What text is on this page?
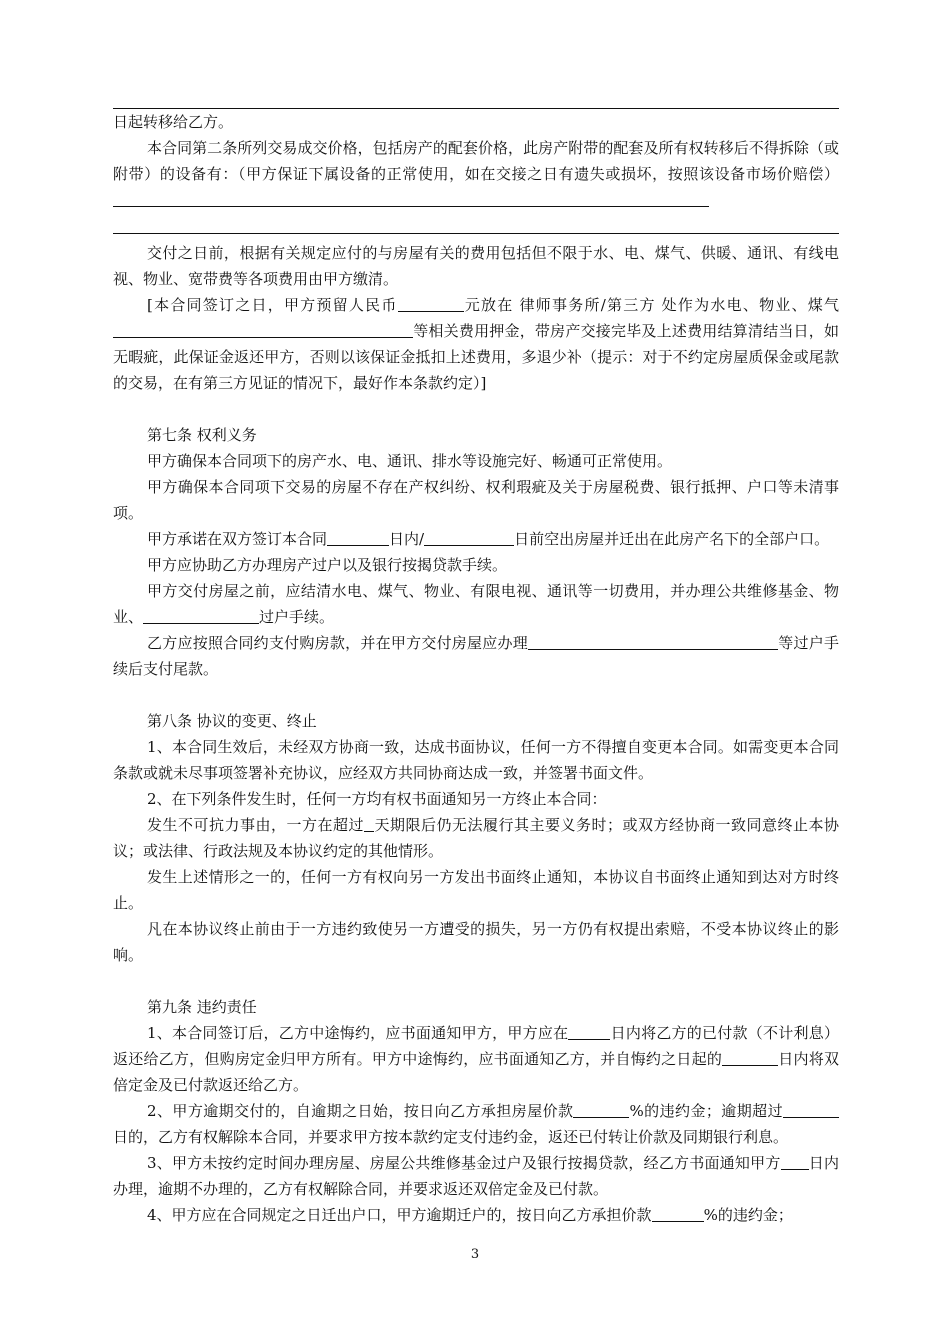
日起转移给乙方。

本合同第二条所列交易成交价格，包括房产的配套价格，此房产附带的配套及所有权转移后不得拆除（或附带）的设备有：（甲方保证下属设备的正常使用，如在交接之日有遗失或损坏，按照该设备市场价赔偿）

交付之日前，根据有关规定应付的与房屋有关的费用包括但不限于水、电、煤气、供暖、通讯、有线电视、物业、宽带费等各项费用由甲方缴清。

[本合同签订之日，甲方预留人民币	元放在 律师事务所/第三方 处作为水电、物业、煤气等相关费用押金，带房产交接完毕及上述费用结算清结当日，如无暇疵，此保证金返还甲方，否则以该保证金抵扣上述费用，多退少补（提示：对于不约定房屋质保金或尾款的交易，在有第三方见证的情况下，最好作本条款约定）]

第七条 权利义务

甲方确保本合同项下的房产水、电、通讯、排水等设施完好、畅通可正常使用。

甲方确保本合同项下交易的房屋不存在产权纠纷、权利瑕疵及关于房屋税费、银行抵押、户口等未清事项。

甲方承诺在双方签订本合同	日内/	日前空出房屋并迁出在此房产名下的全部户口。

甲方应协助乙方办理房产过户以及银行按揭贷款手续。

甲方交付房屋之前，应结清水电、煤气、物业、有限电视、通讯等一切费用，并办理公共维修基金、物业、	过户手续。

乙方应按照合同约支付购房款，并在甲方交付房屋应办理	等过户手续后支付尾款。

第八条 协议的变更、终止

1、本合同生效后，未经双方协商一致，达成书面协议，任何一方不得擅自变更本合同。如需变更本合同条款或就未尽事项签署补充协议，应经双方共同协商达成一致，并签署书面文件。

2、在下列条件发生时，任何一方均有权书面通知另一方终止本合同：

发生不可抗力事由，一方在超过 天期限后仍无法履行其主要义务时；或双方经协商一致同意终止本协议；或法律、行政法规及本协议约定的其他情形。

发生上述情形之一的，任何一方有权向另一方发出书面终止通知，本协议自书面终止通知到达对方时终止。

凡在本协议终止前由于一方违约致使另一方遭受的损失，另一方仍有权提出索赔，不受本协议终止的影响。

第九条 违约责任

1、本合同签订后，乙方中途悔约，应书面通知甲方，甲方应在	日内将乙方的已付款（不计利息）返还给乙方，但购房定金归甲方所有。甲方中途悔约，应书面通知乙方，并自悔约之日起的	日内将双倍定金及已付款返还给乙方。

2、甲方逾期交付的，自逾期之日始，按日向乙方承担房屋价款	%的违约金；逾期超过 日的，乙方有权解除本合同，并要求甲方按本款约定支付违约金，返还已付转让价款及同期银行利息。

3、甲方未按约定时间办理房屋、房屋公共维修基金过户及银行按揭贷款，经乙方书面通知甲方 日内办理，逾期不办理的，乙方有权解除合同，并要求返还双倍定金及已付款。

4、甲方应在合同规定之日迁出户口，甲方逾期迁户的，按日向乙方承担价款	%的违约金；

3
